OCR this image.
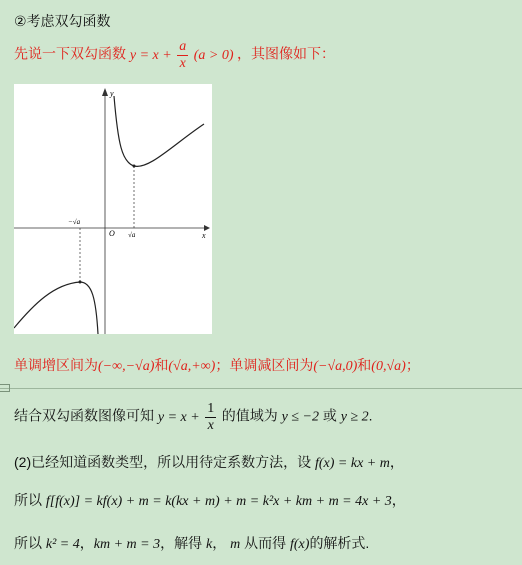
②考虑双勾函数
先说一下双勾函数 $y = x + \frac{a}{x} (a > 0)$ ，其图像如下：
y
x
O
−√a
√a
单调增区间为(−∞,−√a)和(√a,+∞)；单调减区间为(−√a,0)和(0,√a)；
结合双勾函数图像可知 $y = x + \frac{1}{x}$ 的值域为 y ≤ −2 或 y ≥ 2.
(2)已经知道函数类型，所以用待定系数方法，设 f(x) = kx + m，
所以 f[f(x)] = kf(x) + m = k(kx + m) + m = k²x + km + m = 4x + 3，
所以 k² = 4，km + m = 3，解得 k， m 从而得 f(x)的解析式.
